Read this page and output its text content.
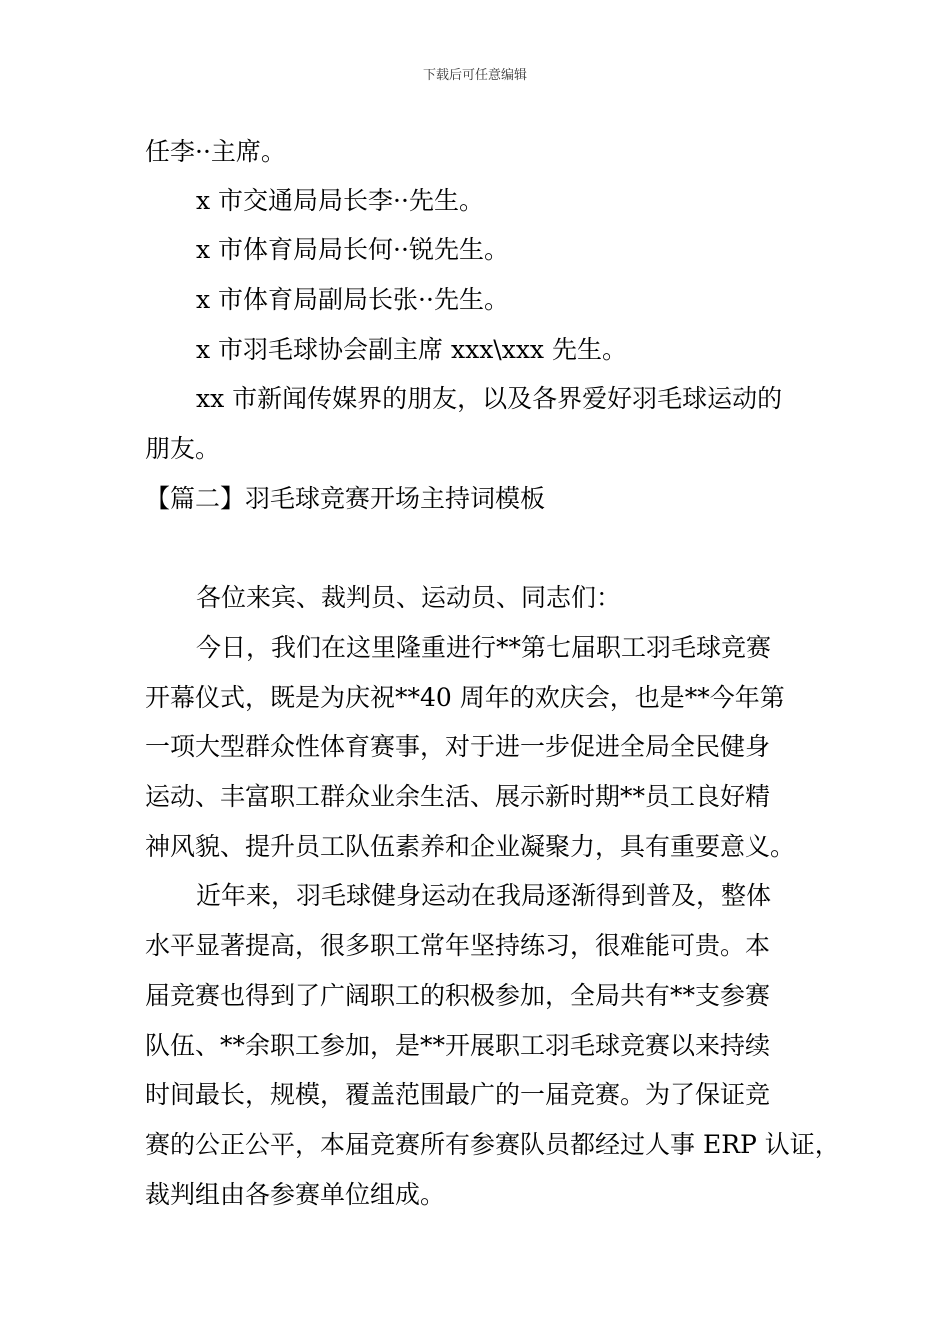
下载后可任意编辑
任李··主席。
x 市交通局局长李··先生。
x 市体育局局长何··锐先生。
x 市体育局副局长张··先生。
x 市羽毛球协会副主席 xxx\xxx 先生。
xx 市新闻传媒界的朋友，以及各界爱好羽毛球运动的
朋友。
【篇二】羽毛球竞赛开场主持词模板
各位来宾、裁判员、运动员、同志们：
今日，我们在这里隆重进行**第七届职工羽毛球竞赛
开幕仪式，既是为庆祝**40 周年的欢庆会，也是**今年第
一项大型群众性体育赛事，对于进一步促进全局全民健身
运动、丰富职工群众业余生活、展示新时期**员工良好精
神风貌、提升员工队伍素养和企业凝聚力，具有重要意义。
近年来，羽毛球健身运动在我局逐渐得到普及，整体
水平显著提高，很多职工常年坚持练习，很难能可贵。本
届竞赛也得到了广阔职工的积极参加，全局共有**支参赛
队伍、**余职工参加，是**开展职工羽毛球竞赛以来持续
时间最长，规模，覆盖范围最广的一届竞赛。为了保证竞
赛的公正公平，本届竞赛所有参赛队员都经过人事 ERP 认证，
裁判组由各参赛单位组成。
